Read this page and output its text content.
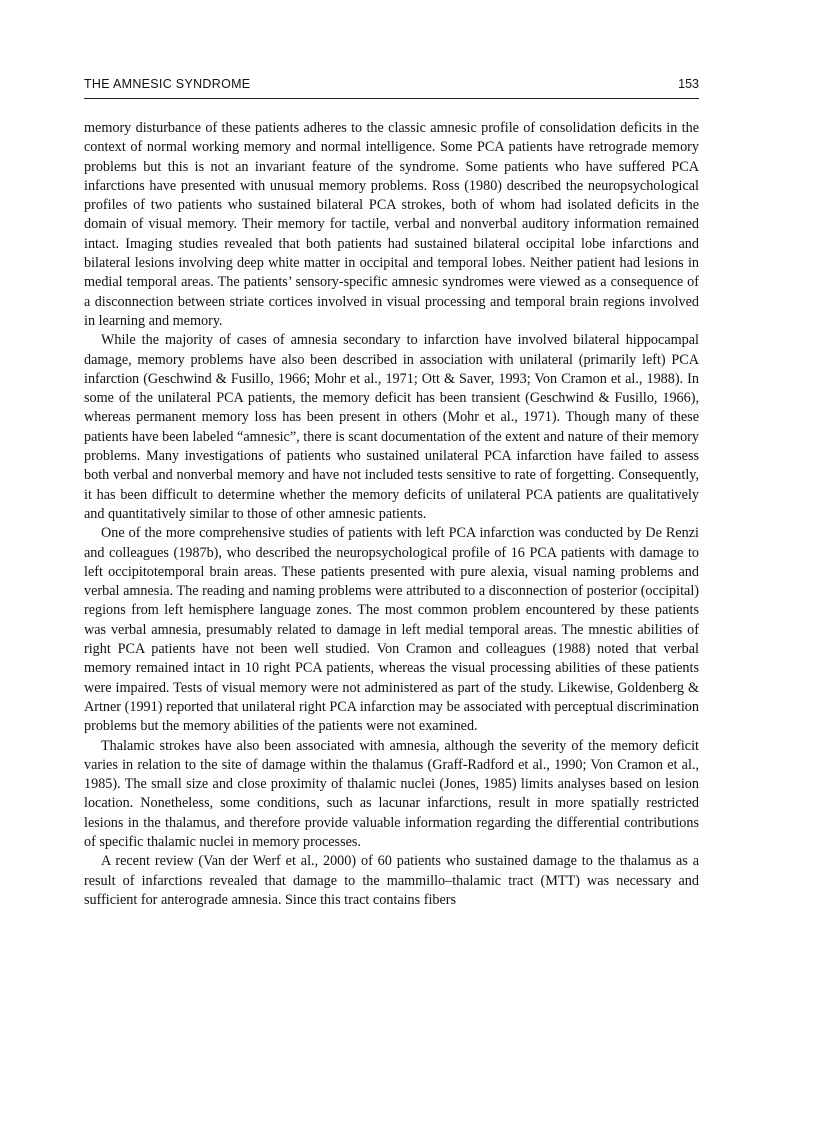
THE AMNESIC SYNDROME	153

memory disturbance of these patients adheres to the classic amnesic profile of consolidation deficits in the context of normal working memory and normal intelligence. Some PCA patients have retrograde memory problems but this is not an invariant feature of the syndrome. Some patients who have suffered PCA infarctions have presented with unusual memory problems. Ross (1980) described the neuropsychological profiles of two patients who sustained bilateral PCA strokes, both of whom had isolated deficits in the domain of visual memory. Their memory for tactile, verbal and nonverbal auditory information remained intact. Imaging studies revealed that both patients had sustained bilateral occipital lobe infarctions and bilateral lesions involving deep white matter in occipital and temporal lobes. Neither patient had lesions in medial temporal areas. The patients’ sensory-specific amnesic syndromes were viewed as a consequence of a disconnection between striate cortices involved in visual processing and temporal brain regions involved in learning and memory.

While the majority of cases of amnesia secondary to infarction have involved bilateral hippocampal damage, memory problems have also been described in association with unilateral (primarily left) PCA infarction (Geschwind & Fusillo, 1966; Mohr et al., 1971; Ott & Saver, 1993; Von Cramon et al., 1988). In some of the unilateral PCA patients, the memory deficit has been transient (Geschwind & Fusillo, 1966), whereas permanent memory loss has been present in others (Mohr et al., 1971). Though many of these patients have been labeled “amnesic”, there is scant documentation of the extent and nature of their memory problems. Many investigations of patients who sustained unilateral PCA infarction have failed to assess both verbal and nonverbal memory and have not included tests sensitive to rate of forgetting. Consequently, it has been difficult to determine whether the memory deficits of unilateral PCA patients are qualitatively and quantitatively similar to those of other amnesic patients.

One of the more comprehensive studies of patients with left PCA infarction was conducted by De Renzi and colleagues (1987b), who described the neuropsychological profile of 16 PCA patients with damage to left occipitotemporal brain areas. These patients presented with pure alexia, visual naming problems and verbal amnesia. The reading and naming problems were attributed to a disconnection of posterior (occipital) regions from left hemisphere language zones. The most common problem encountered by these patients was verbal amnesia, presumably related to damage in left medial temporal areas. The mnestic abilities of right PCA patients have not been well studied. Von Cramon and colleagues (1988) noted that verbal memory remained intact in 10 right PCA patients, whereas the visual processing abilities of these patients were impaired. Tests of visual memory were not administered as part of the study. Likewise, Goldenberg & Artner (1991) reported that unilateral right PCA infarction may be associated with perceptual discrimination problems but the memory abilities of the patients were not examined.

Thalamic strokes have also been associated with amnesia, although the severity of the memory deficit varies in relation to the site of damage within the thalamus (Graff-Radford et al., 1990; Von Cramon et al., 1985). The small size and close proximity of thalamic nuclei (Jones, 1985) limits analyses based on lesion location. Nonetheless, some conditions, such as lacunar infarctions, result in more spatially restricted lesions in the thalamus, and therefore provide valuable information regarding the differential contributions of specific thalamic nuclei in memory processes.

A recent review (Van der Werf et al., 2000) of 60 patients who sustained damage to the thalamus as a result of infarctions revealed that damage to the mammillo–thalamic tract (MTT) was necessary and sufficient for anterograde amnesia. Since this tract contains fibers
